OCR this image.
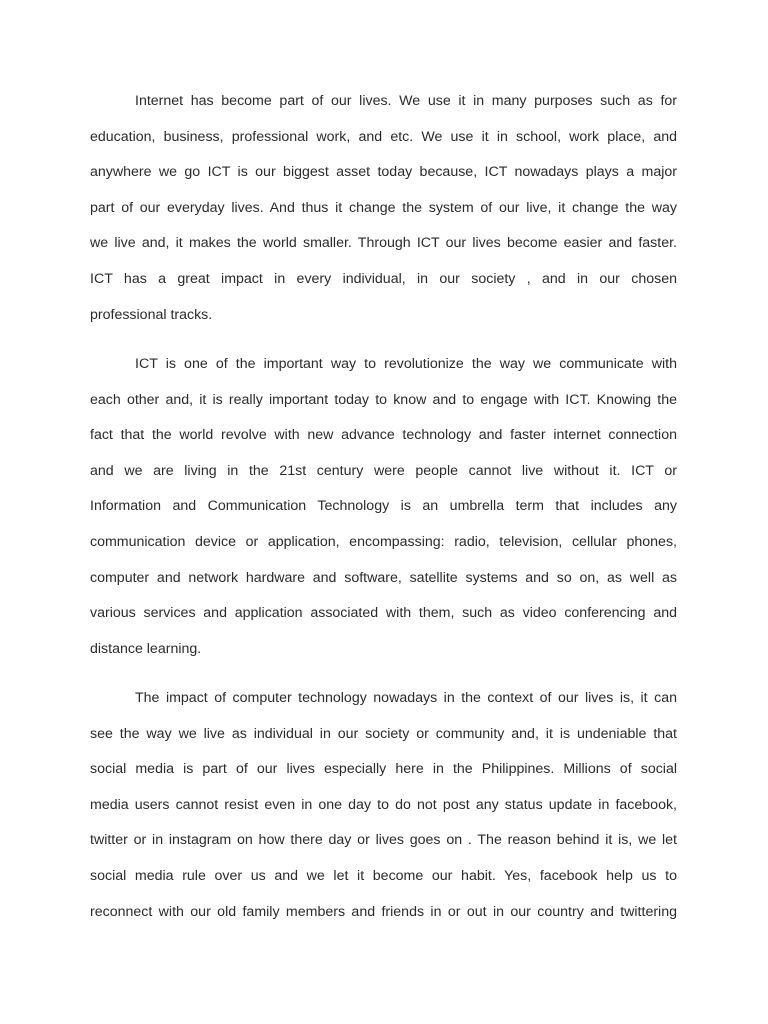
Internet has become part of our lives. We use it in many purposes such as for
education, business, professional work, and etc. We use it in school, work place, and
anywhere we go ICT is our biggest asset today because, ICT nowadays plays a major
part of our everyday lives. And thus it change the system of our live, it change the way
we live and, it makes the world smaller. Through ICT our lives become easier and faster.
ICT has a great impact in every individual, in our society , and in our chosen
professional tracks.
ICT is one of the important way to revolutionize the way we communicate with
each other and, it is really important today to know and to engage with ICT. Knowing the
fact that the world revolve with new advance technology and faster internet connection
and we are living in the 21st century were people cannot live without it. ICT or
Information and Communication Technology is an umbrella term that includes any
communication device or application, encompassing: radio, television, cellular phones,
computer and network hardware and software, satellite systems and so on, as well as
various services and application associated with them, such as video conferencing and
distance learning.
The impact of computer technology nowadays in the context of our lives is, it can
see the way we live as individual in our society or community and, it is undeniable that
social media is part of our lives especially here in the Philippines. Millions of social
media users cannot resist even in one day to do not post any status update in facebook,
twitter or in instagram on how there day or lives goes on . The reason behind it is, we let
social media rule over us and we let it become our habit. Yes, facebook help us to
reconnect with our old family members and friends in or out in our country and twittering
